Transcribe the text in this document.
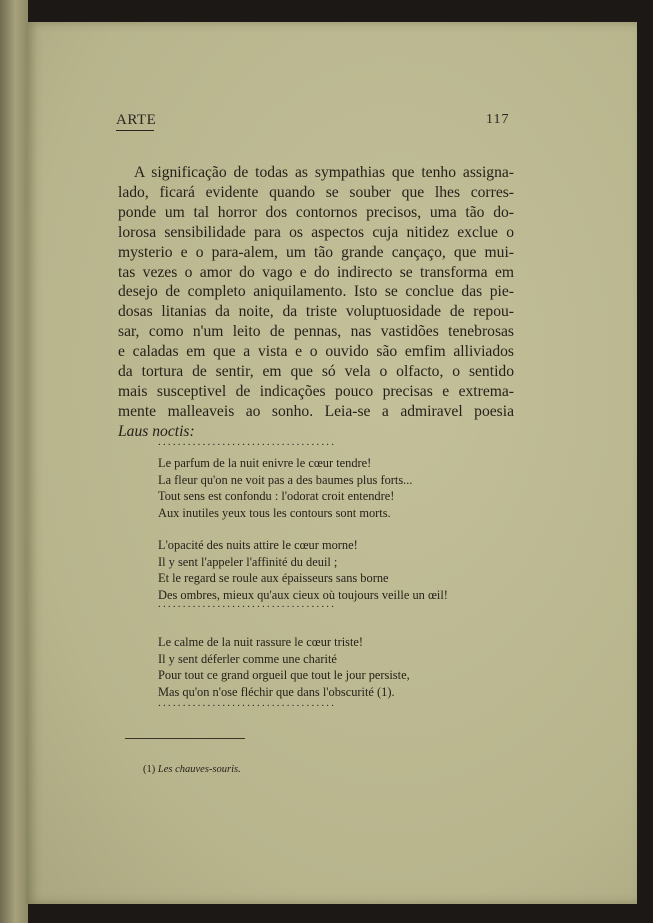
ARTE	117
A significação de todas as sympathias que tenho assigna-
lado, ficará evidente quando se souber que lhes corres-
ponde um tal horror dos contornos precisos, uma tão do-
lorosa sensibilidade para os aspectos cuja nitidez exclue o
mysterio e o para-alem, um tão grande cançaço, que mui-
tas vezes o amor do vago e do indirecto se transforma em
desejo de completo aniquilamento. Isto se conclue das pie-
dosas litanias da noite, da triste voluptuosidade de repou-
sar, como n'um leito de pennas, nas vastidões tenebrosas
e caladas em que a vista e o ouvido são emfim alliviados
da tortura de sentir, em que só vela o olfacto, o sentido
mais susceptivel de indicações pouco precisas e extrema-
mente malleaveis ao sonho. Leia-se a admiravel poesia
Laus noctis:
....................................
Le parfum de la nuit enivre le cœur tendre!
La fleur qu'on ne voit pas a des baumes plus forts...
Tout sens est confondu : l'odorat croit entendre!
Aux inutiles yeux tous les contours sont morts.
L'opacité des nuits attire le cœur morne!
Il y sent l'appeler l'affinité du deuil ;
Et le regard se roule aux épaisseurs sans borne
Des ombres, mieux qu'aux cieux où toujours veille un œil!
....................................
Le calme de la nuit rassure le cœur triste!
Il y sent déferler comme une charité
Pour tout ce grand orgueil que tout le jour persiste,
Mas qu'on n'ose fléchir que dans l'obscurité (1).
....................................
(1) Les chauves-souris.
